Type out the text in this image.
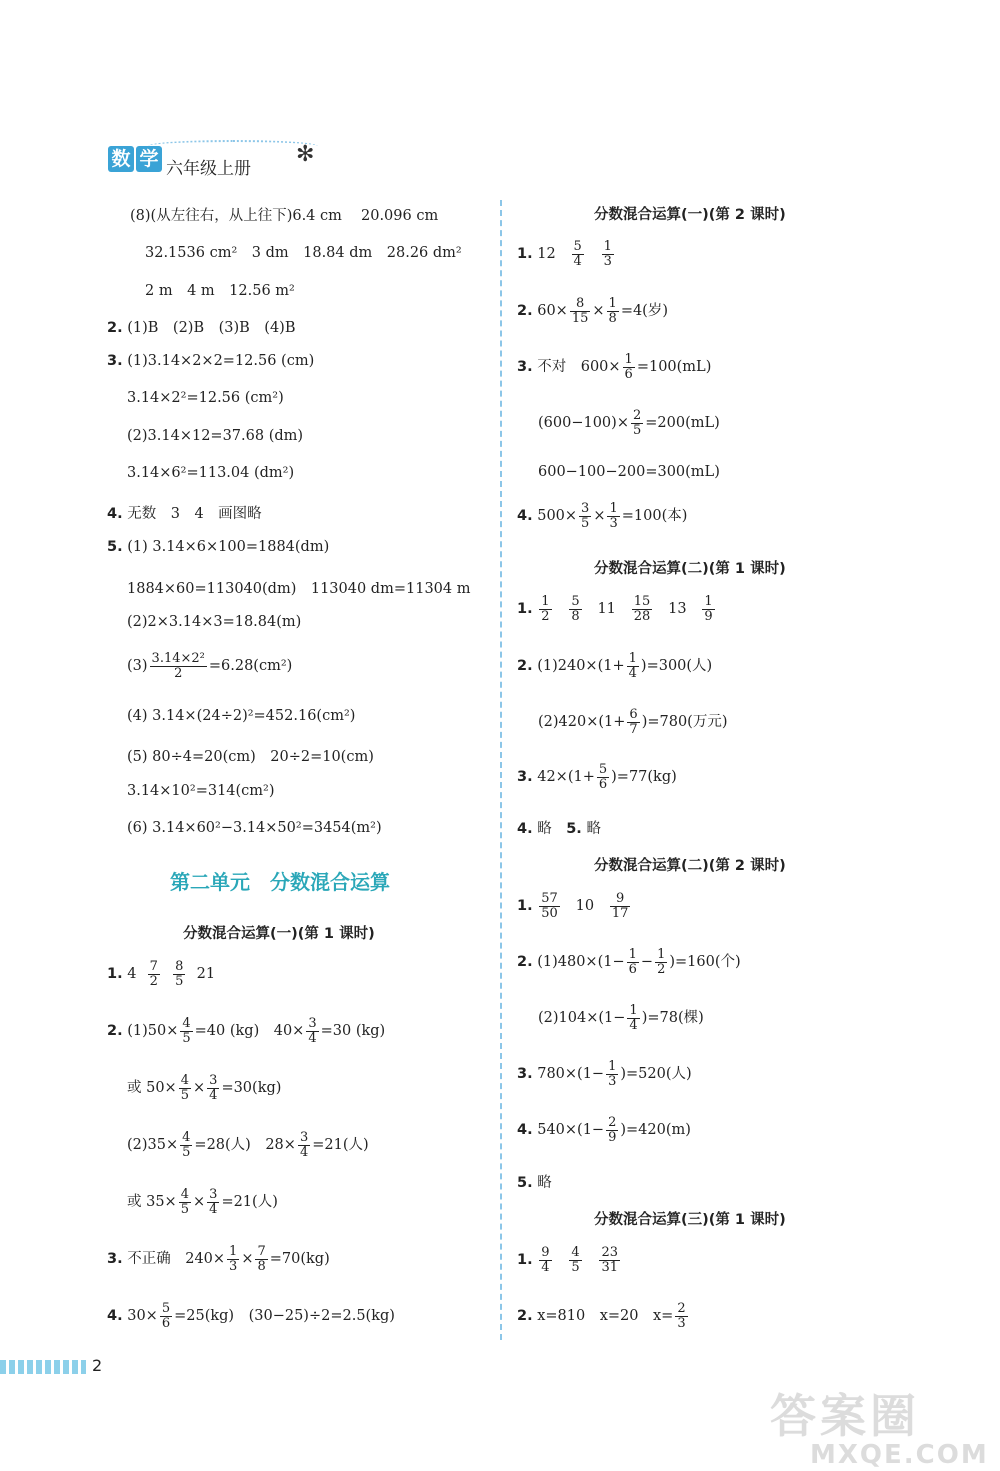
数 学 六年级上册
✻
(8)(从左往右，从上往下)6.4 cm　 20.096 cm
32.1536 cm²　3 dm　18.84 dm　28.26 dm²
2 m　4 m　12.56 m²
2. (1)B　(2)B　(3)B　(4)B
3. (1)3.14×2×2=12.56 (cm)
3.14×2²=12.56 (cm²)
(2)3.14×12=37.68 (dm)
3.14×6²=113.04 (dm²)
4. 无数　3　4　画图略
5. (1) 3.14×6×100=1884(dm)
1884×60=113040(dm)　113040 dm=11304 m
(2)2×3.14×3=18.84(m)
$(3) \frac{\text{3.14×2²}}{2} =6.28(cm^2)$
(4) 3.14×(24÷2)²=452.16(cm²)
(5) 80÷4=20(cm)　20÷2=10(cm)
3.14×10²=314(cm²)
(6) 3.14×60²−3.14×50²=3454(m²)
第二单元　分数混合运算
分数混合运算(一)(第 1 课时)
1. $4 \frac{7}{2}$
$\frac{8}{5} 21$
2. $(1)50\times \frac{4}{5} =40$ (kg)　$40\times \frac{3}{4} =30$ (kg)
或 $50\times \frac{4}{5} \times \frac{3}{4} =30(kg)$
$(2)35\times \frac{4}{5} =28$(人)　$28\times \frac{3}{4} =21$(人)
或 $35\times \frac{4}{5} \times \frac{3}{4} =21$(人)
3. 不正确　$240\times \frac{1}{3} \times \frac{7}{8} =70(kg)$
4. $30\times \frac{5}{6} =25(kg)$　(30−25)÷2=2.5(kg)
分数混合运算(一)(第 2 课时)
1. $12 \frac{5}{4}$
$\frac{1}{3}$
2. $60\times \frac{8}{15} \times \frac{1}{8} =4$(岁)
3. 不对　$600\times \frac{1}{6} =100(mL)$
$(600-100)\times \frac{2}{5} =200(mL)$
600−100−200=300(mL)
4. $500\times \frac{3}{5} \times \frac{1}{3} =100$(本)
分数混合运算(二)(第 1 课时)
1. $\frac{1}{2}$
$\frac{5}{8} 11 \frac{15}{28} 13 \frac{1}{9}$
2. $(1)240\times(1+ \frac{1}{4} )=300$(人)
$(2)420\times(1+ \frac{6}{7} )=780$(万元)
3. $42\times(1+ \frac{5}{6} )=77(kg)$
4. 略　5. 略
分数混合运算(二)(第 2 课时)
1. $\frac{57}{50} 10 \frac{9}{17}$
2. $(1)480\times(1- \frac{1}{6} - \frac{1}{2} )=160$(个)
$(2)104\times(1- \frac{1}{4} )=78$(棵)
3. $780\times(1- \frac{1}{3} )=520$(人)
4. $540\times(1- \frac{2}{9} )=420(m)$
5. 略
分数混合运算(三)(第 1 课时)
1. $\frac{9}{4}$
$\frac{4}{5}$
$\frac{23}{31}$
2. x=810　x=20　$x= \frac{2}{3}$
2
答案圈
MXQE.COM
